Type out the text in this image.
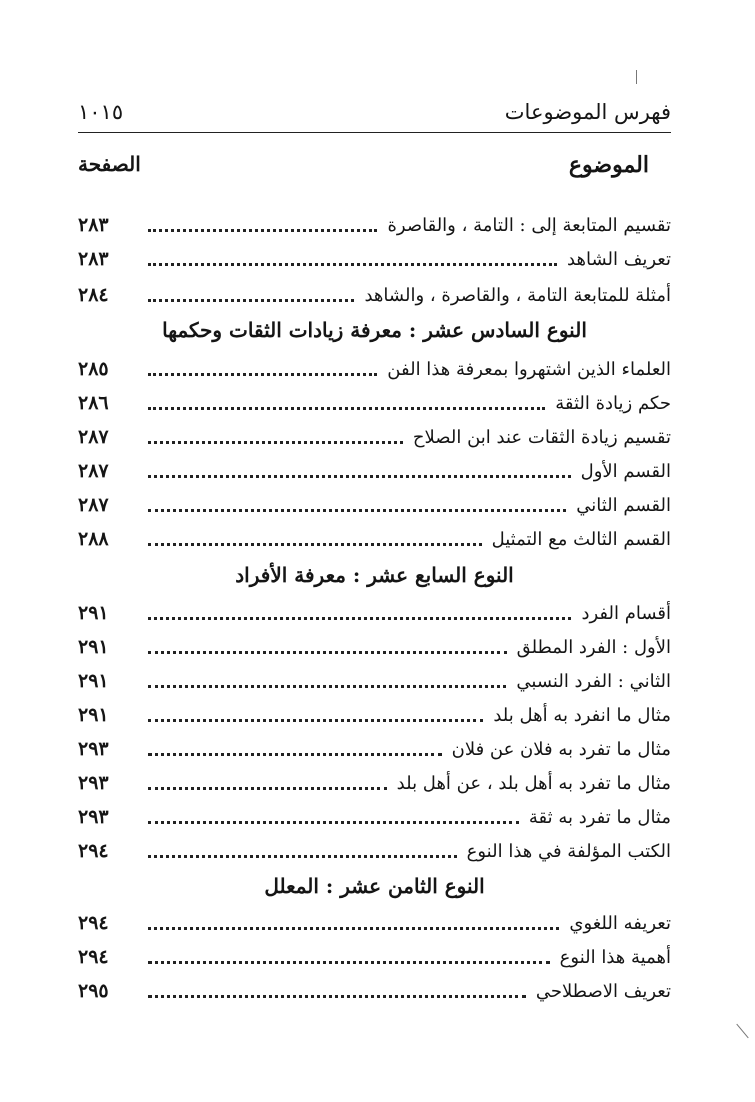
فهرس الموضوعات
١٠١٥
الموضوع
الصفحة
تقسيم المتابعة إلى : التامة ، والقاصرة
٢٨٣
تعريف الشاهد
٢٨٣
أمثلة للمتابعة التامة ، والقاصرة ، والشاهد
٢٨٤
النوع السادس عشر : معرفة زيادات الثقات وحكمها
العلماء الذين اشتهروا بمعرفة هذا الفن
٢٨٥
حكم زيادة الثقة
٢٨٦
تقسيم زيادة الثقات عند ابن الصلاح
٢٨٧
القسم الأول
٢٨٧
القسم الثاني
٢٨٧
القسم الثالث مع التمثيل
٢٨٨
النوع السابع عشر : معرفة الأفراد
أقسام الفرد
٢٩١
الأول : الفرد المطلق
٢٩١
الثاني : الفرد النسبي
٢٩١
مثال ما انفرد به أهل بلد
٢٩١
مثال ما تفرد به فلان عن فلان
٢٩٣
مثال ما تفرد به أهل بلد ، عن أهل بلد
٢٩٣
مثال ما تفرد به ثقة
٢٩٣
الكتب المؤلفة في هذا النوع
٢٩٤
النوع الثامن عشر : المعلل
تعريفه اللغوي
٢٩٤
أهمية هذا النوع
٢٩٤
تعريف الاصطلاحي
٢٩٥
